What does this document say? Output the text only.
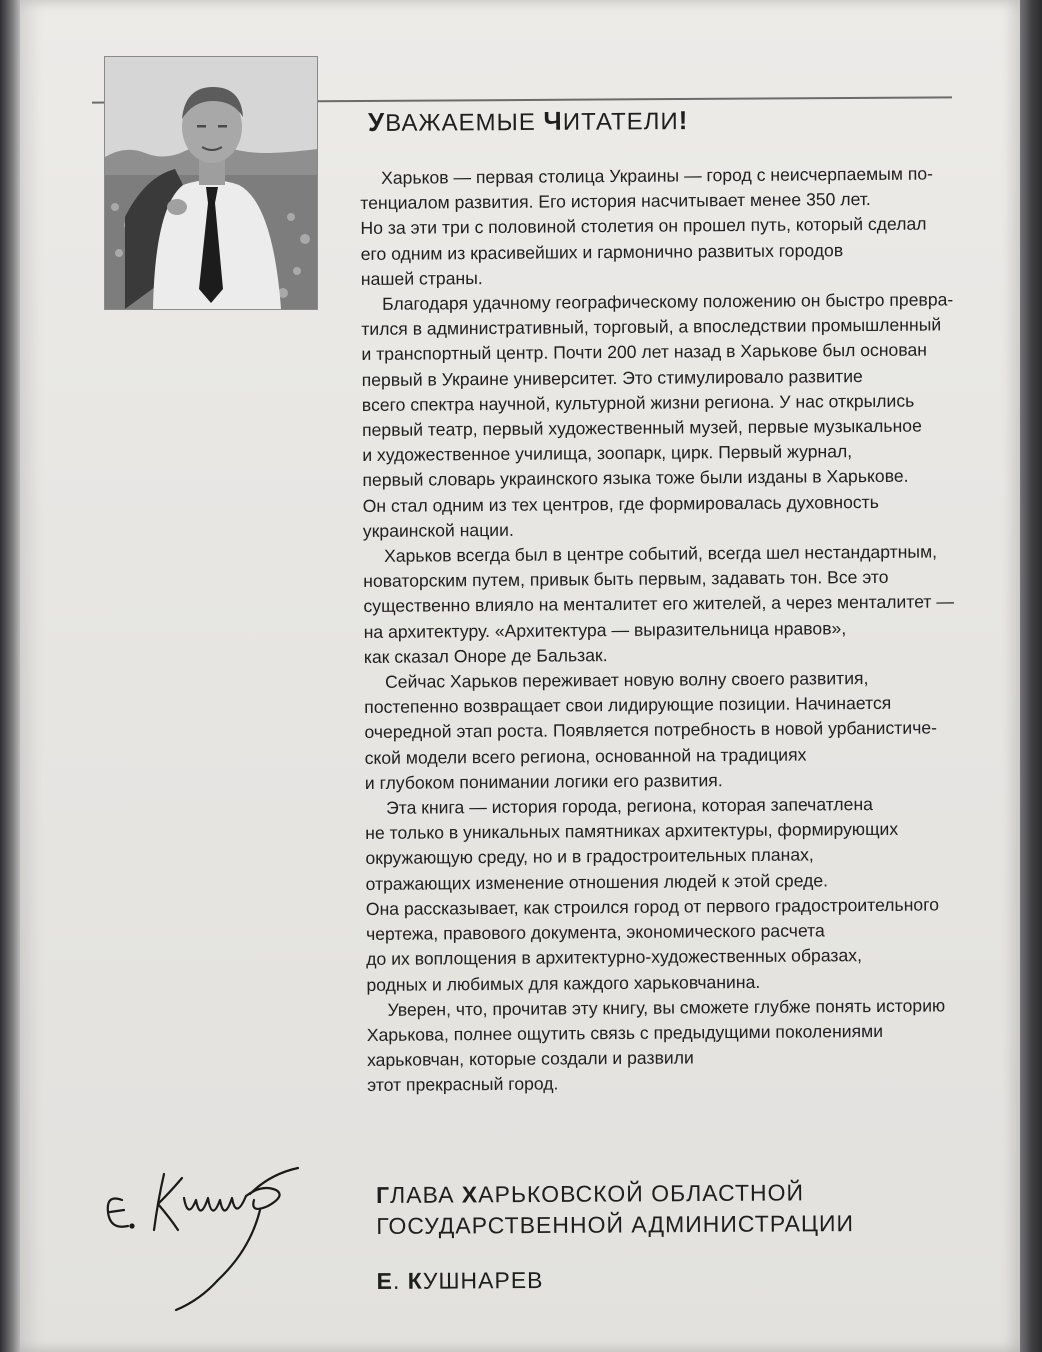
УВАЖАЕМЫЕ ЧИТАТЕЛИ!
Харьков — первая столица Украины — город с неисчерпаемым по-
тенциалом развития. Его история насчитывает менее 350 лет.
Но за эти три с половиной столетия он прошел путь, который сделал
его одним из красивейших и гармонично развитых городов
нашей страны.
Благодаря удачному географическому положению он быстро превра-
тился в административный, торговый, а впоследствии промышленный
и транспортный центр. Почти 200 лет назад в Харькове был основан
первый в Украине университет. Это стимулировало развитие
всего спектра научной, культурной жизни региона. У нас открылись
первый театр, первый художественный музей, первые музыкальное
и художественное училища, зоопарк, цирк. Первый журнал,
первый словарь украинского языка тоже были изданы в Харькове.
Он стал одним из тех центров, где формировалась духовность
украинской нации.
Харьков всегда был в центре событий, всегда шел нестандартным,
новаторским путем, привык быть первым, задавать тон. Все это
существенно влияло на менталитет его жителей, а через менталитет —
на архитектуру. «Архитектура — выразительница нравов»,
как сказал Оноре де Бальзак.
Сейчас Харьков переживает новую волну своего развития,
постепенно возвращает свои лидирующие позиции. Начинается
очередной этап роста. Появляется потребность в новой урбанистиче-
ской модели всего региона, основанной на традициях
и глубоком понимании логики его развития.
Эта книга — история города, региона, которая запечатлена
не только в уникальных памятниках архитектуры, формирующих
окружающую среду, но и в градостроительных планах,
отражающих изменение отношения людей к этой среде.
Она рассказывает, как строился город от первого градостроительного
чертежа, правового документа, экономического расчета
до их воплощения в архитектурно-художественных образах,
родных и любимых для каждого харьковчанина.
Уверен, что, прочитав эту книгу, вы сможете глубже понять историю
Харькова, полнее ощутить связь с предыдущими поколениями
харьковчан, которые создали и развили
этот прекрасный город.
ГЛАВА ХАРЬКОВСКОЙ ОБЛАСТНОЙ
ГОСУДАРСТВЕННОЙ АДМИНИСТРАЦИИ
Е. КУШНАРЕВ
